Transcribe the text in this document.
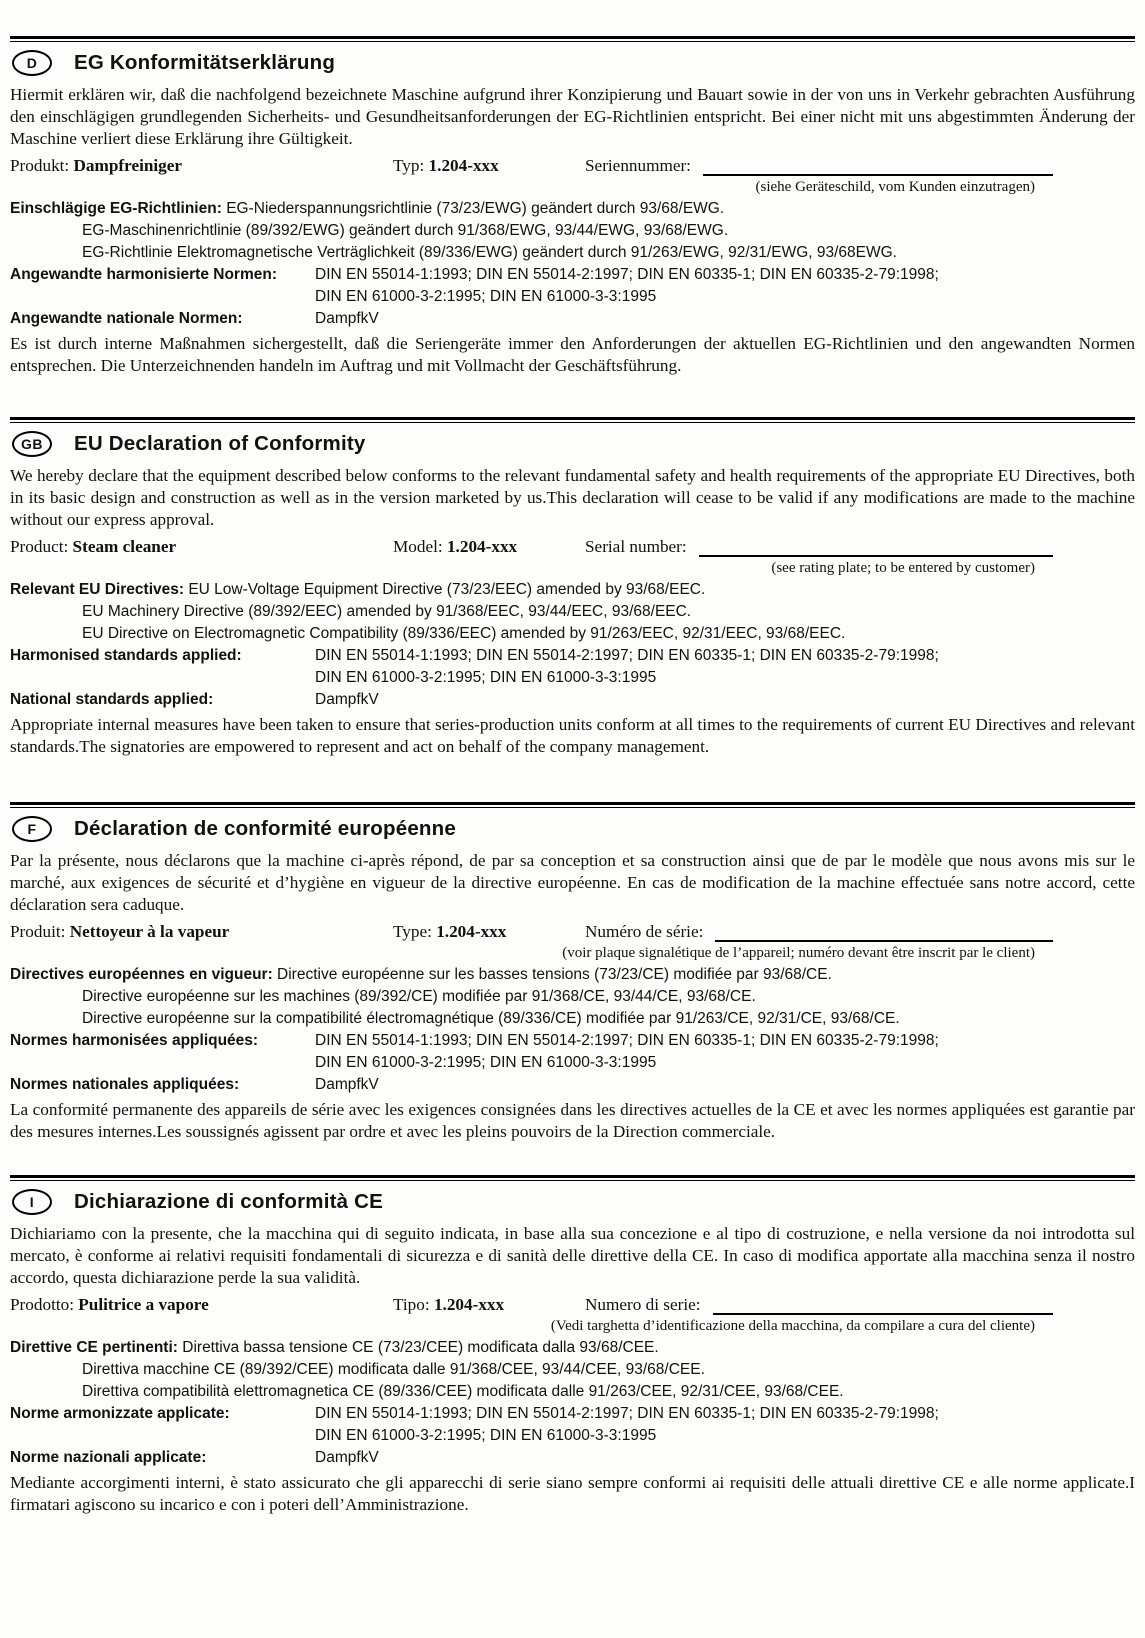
D EG Konformitätserklärung

Hiermit erklären wir, daß die nachfolgend bezeichnete Maschine aufgrund ihrer Konzipierung und Bauart sowie in der von uns in Verkehr gebrachten Ausführung den einschlägigen grundlegenden Sicherheits- und Gesundheitsanforderungen der EG-Richtlinien entspricht. Bei einer nicht mit uns abgestimmten Änderung der Maschine verliert diese Erklärung ihre Gültigkeit.

Produkt: Dampfreiniger	Typ: 1.204-xxx	Seriennummer:
(siehe Geräteschild, vom Kunden einzutragen)

Einschlägige EG-Richtlinien: EG-Niederspannungsrichtlinie (73/23/EWG) geändert durch 93/68/EWG.

EG-Maschinenrichtlinie (89/392/EWG) geändert durch 91/368/EWG, 93/44/EWG, 93/68/EWG.

EG-Richtlinie Elektromagnetische Verträglichkeit (89/336/EWG) geändert durch 91/263/EWG, 92/31/EWG, 93/68EWG.

Angewandte harmonisierte Normen:	DIN EN 55014-1:1993; DIN EN 55014-2:1997; DIN EN 60335-1; DIN EN 60335-2-79:1998;
DIN EN 61000-3-2:1995; DIN EN 61000-3-3:1995
Angewandte nationale Normen:	DampfkV

Es ist durch interne Maßnahmen sichergestellt, daß die Seriengeräte immer den Anforderungen der aktuellen EG-Richtlinien und den angewandten Normen entsprechen. Die Unterzeichnenden handeln im Auftrag und mit Vollmacht der Geschäftsführung.

GB EU Declaration of Conformity

We hereby declare that the equipment described below conforms to the relevant fundamental safety and health requirements of the appropriate EU Directives, both in its basic design and construction as well as in the version marketed by us.This declaration will cease to be valid if any modifications are made to the machine without our express approval.

Product: Steam cleaner	Model: 1.204-xxx	Serial number:
(see rating plate; to be entered by customer)

Relevant EU Directives: EU Low-Voltage Equipment Directive (73/23/EEC) amended by 93/68/EEC.

EU Machinery Directive (89/392/EEC) amended by 91/368/EEC, 93/44/EEC, 93/68/EEC.

EU Directive on Electromagnetic Compatibility (89/336/EEC) amended by 91/263/EEC, 92/31/EEC, 93/68/EEC.

Harmonised standards applied:	DIN EN 55014-1:1993; DIN EN 55014-2:1997; DIN EN 60335-1; DIN EN 60335-2-79:1998;
DIN EN 61000-3-2:1995; DIN EN 61000-3-3:1995
National standards applied:	DampfkV

Appropriate internal measures have been taken to ensure that series-production units conform at all times to the requirements of current EU Directives and relevant standards.The signatories are empowered to represent and act on behalf of the company management.

F Déclaration de conformité européenne

Par la présente, nous déclarons que la machine ci-après répond, de par sa conception et sa construction ainsi que de par le modèle que nous avons mis sur le marché, aux exigences de sécurité et d’hygiène en vigueur de la directive européenne. En cas de modification de la machine effectuée sans notre accord, cette déclaration sera caduque.

Produit: Nettoyeur à la vapeur	Type: 1.204-xxx	Numéro de série:
(voir plaque signalétique de l’appareil; numéro devant être inscrit par le client)

Directives européennes en vigueur: Directive européenne sur les basses tensions (73/23/CE) modifiée par 93/68/CE.

Directive européenne sur les machines (89/392/CE) modifiée par 91/368/CE, 93/44/CE, 93/68/CE.

Directive européenne sur la compatibilité électromagnétique (89/336/CE) modifiée par 91/263/CE, 92/31/CE, 93/68/CE.

Normes harmonisées appliquées:	DIN EN 55014-1:1993; DIN EN 55014-2:1997; DIN EN 60335-1; DIN EN 60335-2-79:1998;
DIN EN 61000-3-2:1995; DIN EN 61000-3-3:1995
Normes nationales appliquées:	DampfkV

La conformité permanente des appareils de série avec les exigences consignées dans les directives actuelles de la CE et avec les normes appliquées est garantie par des mesures internes.Les soussignés agissent par ordre et avec les pleins pouvoirs de la Direction commerciale.

I Dichiarazione di conformità CE

Dichiariamo con la presente, che la macchina qui di seguito indicata, in base alla sua concezione e al tipo di costruzione, e nella versione da noi introdotta sul mercato, è conforme ai relativi requisiti fondamentali di sicurezza e di sanità delle direttive della CE. In caso di modifica apportate alla macchina senza il nostro accordo, questa dichiarazione perde la sua validità.

Prodotto: Pulitrice a vapore	Tipo: 1.204-xxx	Numero di serie:
(Vedi targhetta d’identificazione della macchina, da compilare a cura del cliente)

Direttive CE pertinenti: Direttiva bassa tensione CE (73/23/CEE) modificata dalla 93/68/CEE.

Direttiva macchine CE (89/392/CEE) modificata dalle 91/368/CEE, 93/44/CEE, 93/68/CEE.

Direttiva compatibilità elettromagnetica CE (89/336/CEE) modificata dalle 91/263/CEE, 92/31/CEE, 93/68/CEE.

Norme armonizzate applicate:	DIN EN 55014-1:1993; DIN EN 55014-2:1997; DIN EN 60335-1; DIN EN 60335-2-79:1998;
DIN EN 61000-3-2:1995; DIN EN 61000-3-3:1995
Norme nazionali applicate:	DampfkV

Mediante accorgimenti interni, è stato assicurato che gli apparecchi di serie siano sempre conformi ai requisiti delle attuali direttive CE e alle norme applicate.I firmatari agiscono su incarico e con i poteri dell’Amministrazione.
